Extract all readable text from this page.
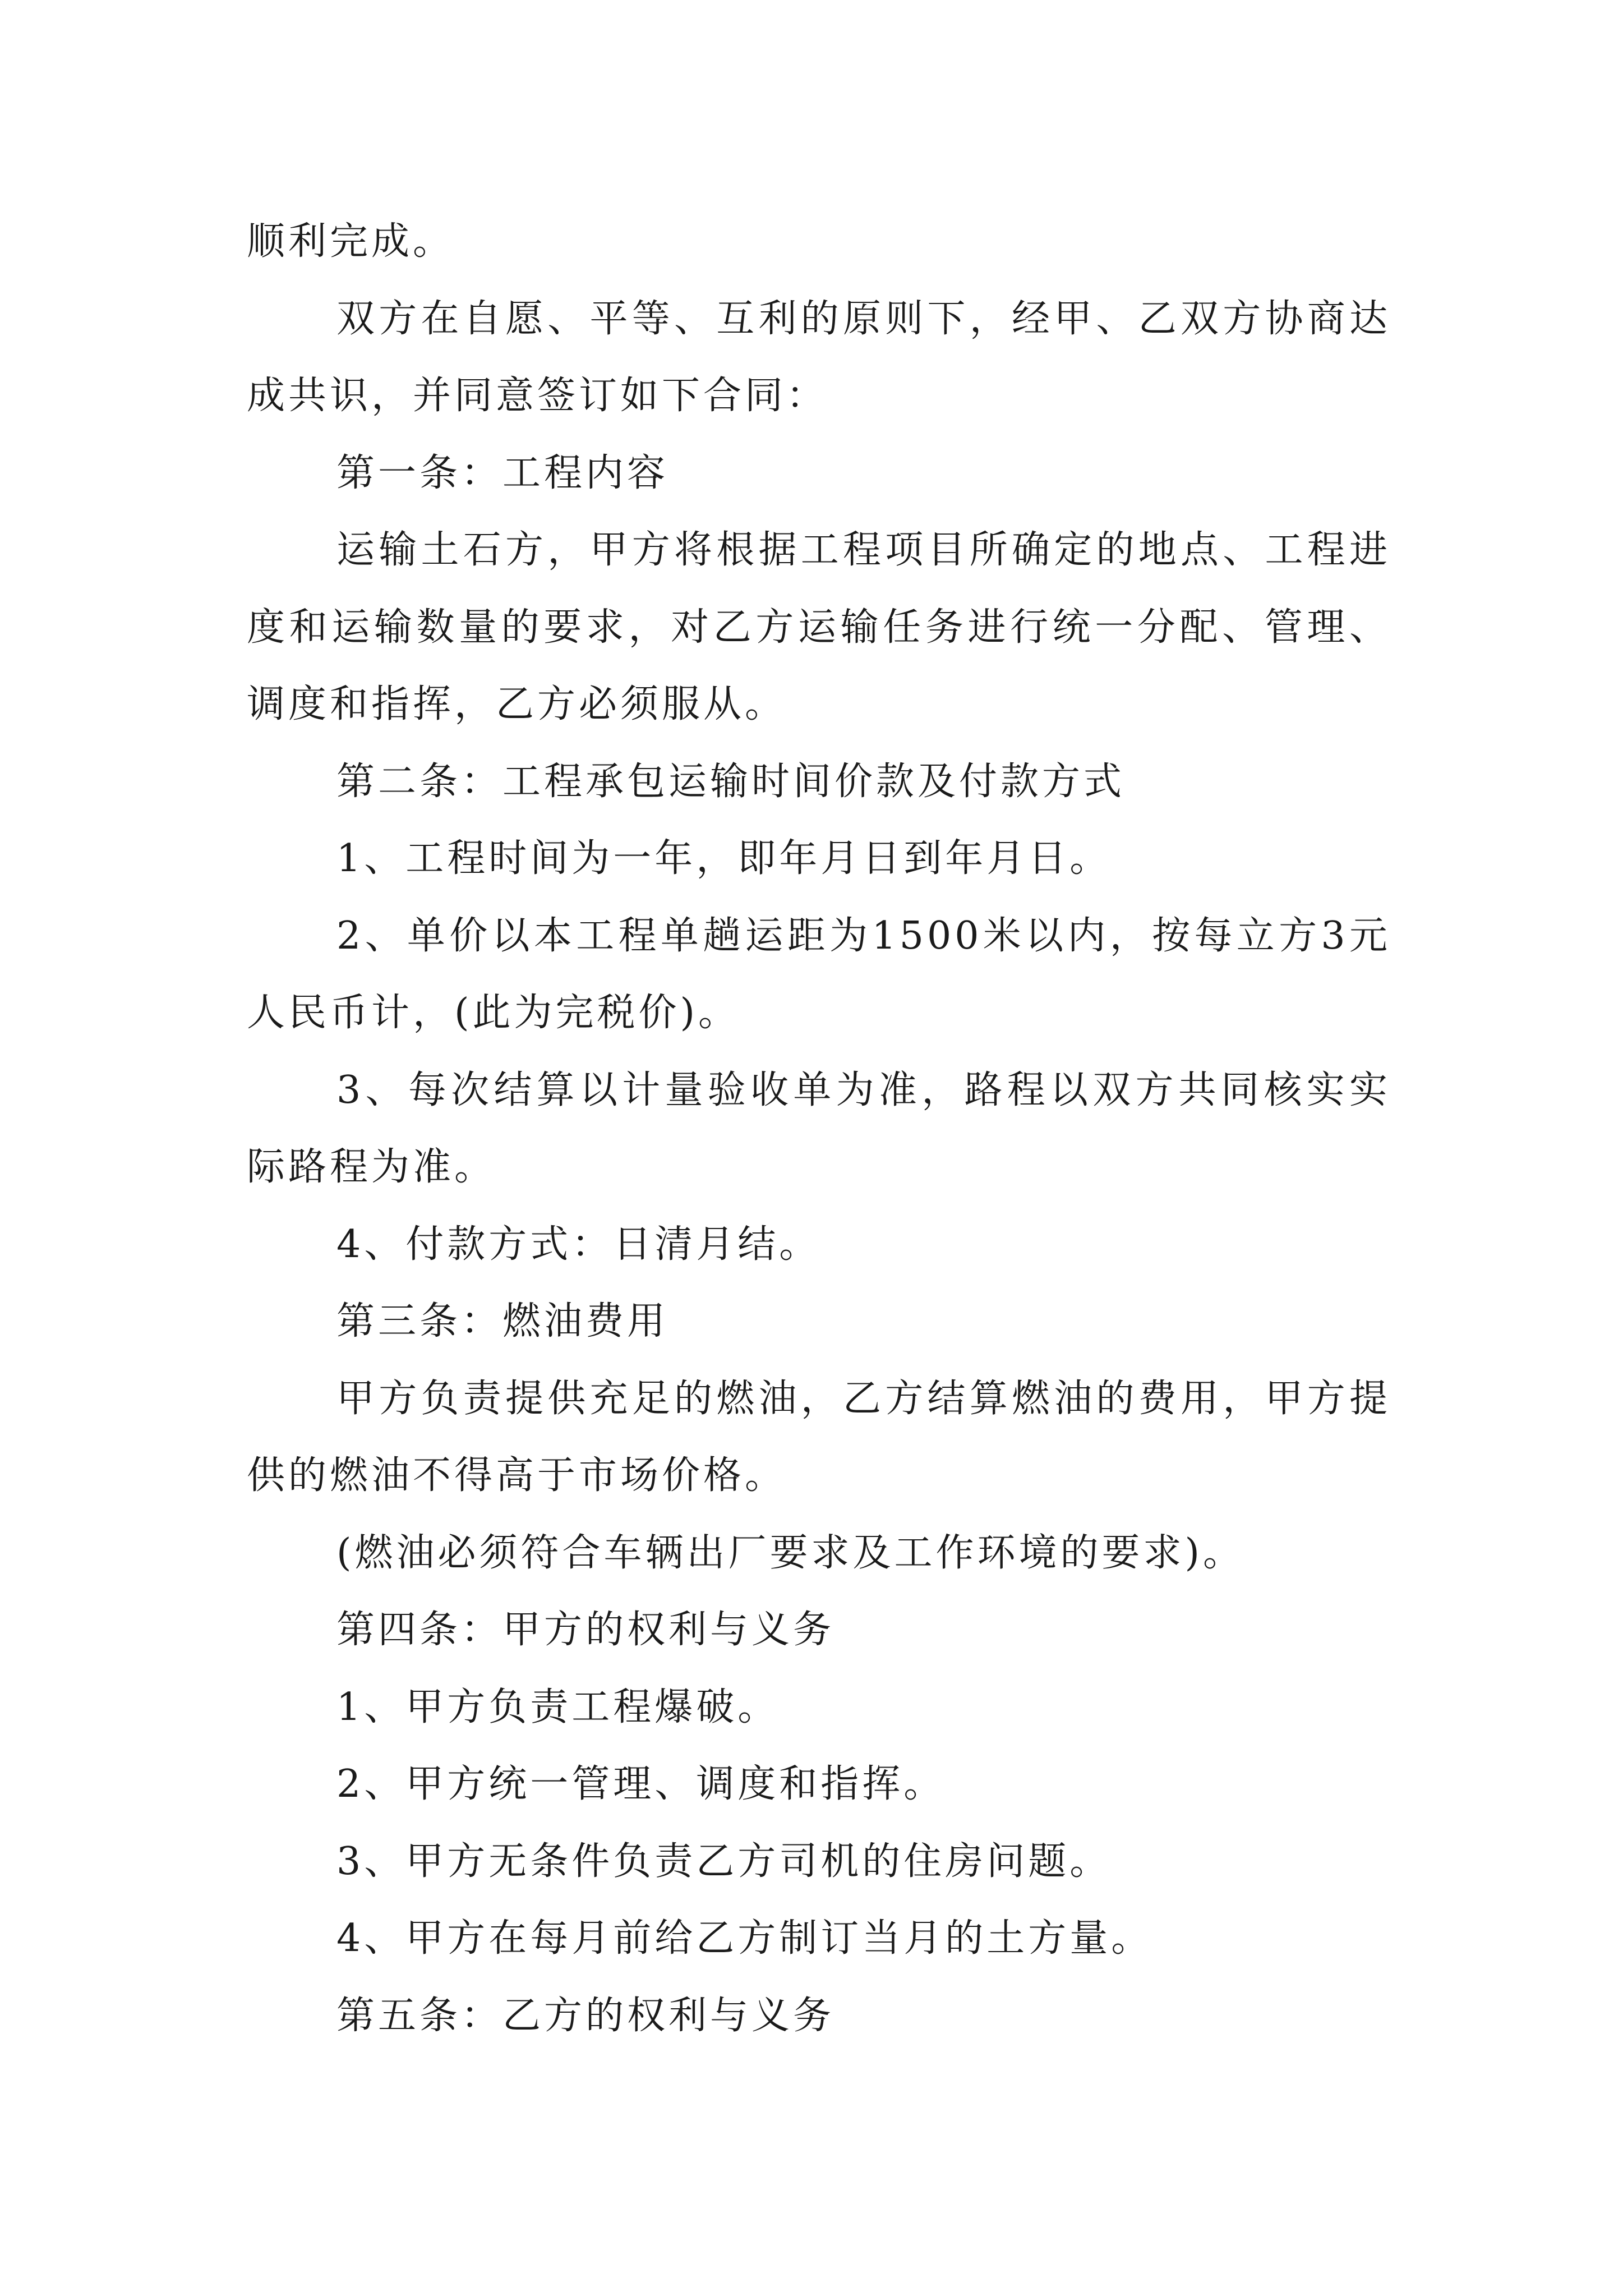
顺利完成。

双方在自愿、平等、互利的原则下，经甲、乙双方协商达成共识，并同意签订如下合同：

第一条：工程内容

运输土石方，甲方将根据工程项目所确定的地点、工程进度和运输数量的要求，对乙方运输任务进行统一分配、管理、调度和指挥，乙方必须服从。

第二条：工程承包运输时间价款及付款方式

1、工程时间为一年，即年月日到年月日。

2、单价以本工程单趟运距为1500米以内，按每立方3元人民币计，(此为完税价)。

3、每次结算以计量验收单为准，路程以双方共同核实实际路程为准。

4、付款方式：日清月结。

第三条：燃油费用

甲方负责提供充足的燃油，乙方结算燃油的费用，甲方提供的燃油不得高于市场价格。

(燃油必须符合车辆出厂要求及工作环境的要求)。

第四条：甲方的权利与义务

1、甲方负责工程爆破。

2、甲方统一管理、调度和指挥。

3、甲方无条件负责乙方司机的住房问题。

4、甲方在每月前给乙方制订当月的土方量。

第五条：乙方的权利与义务
